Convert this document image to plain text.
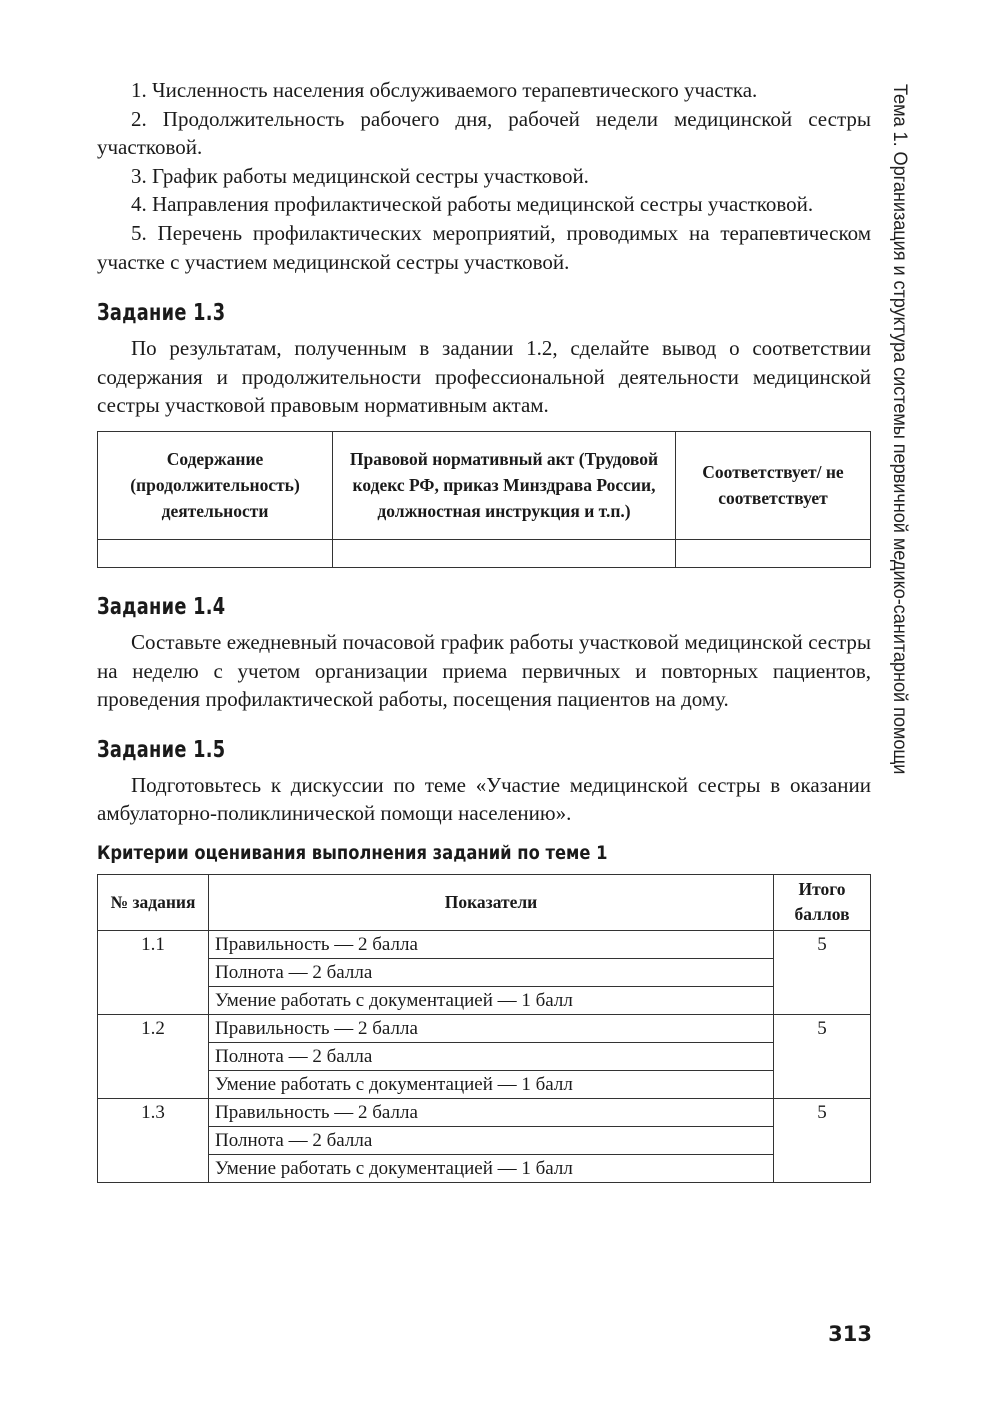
1. Численность населения обслуживаемого терапевтического участка.

2. Продолжительность рабочего дня, рабочей недели медицинской сестры участковой.

3. График работы медицинской сестры участковой.

4. Направления профилактической работы медицинской сестры участковой.

5. Перечень профилактических мероприятий, проводимых на терапевтическом участке с участием медицинской сестры участковой.

Задание 1.3

По результатам, полученным в задании 1.2, сделайте вывод о соответствии содержания и продолжительности профессиональной деятельности медицинской сестры участковой правовым нормативным актам.

Содержание (продолжительность) деятельности	Правовой нормативный акт (Трудовой кодекс РФ, приказ Минздрава России, должностная инструкция и т.п.)	Соответствует/ не соответствует

Задание 1.4

Составьте ежедневный почасовой график работы участковой медицинской сестры на неделю с учетом организации приема первичных и повторных пациентов, проведения профилактической работы, посещения пациентов на дому.

Задание 1.5

Подготовьтесь к дискуссии по теме «Участие медицинской сестры в оказании амбулаторно-поликлинической помощи населению».

Критерии оценивания выполнения заданий по теме 1
№ задания	Показатели	Итого баллов
1.1	Правильность — 2 балла	5
	Полнота — 2 балла	
	Умение работать с документацией — 1 балл	
1.2	Правильность — 2 балла	5
	Полнота — 2 балла	
	Умение работать с документацией — 1 балл	
1.3	Правильность — 2 балла	5
	Полнота — 2 балла	
	Умение работать с документацией — 1 балл	
Тема 1. Организация и структура системы первичной медико-санитарной помощи
313
